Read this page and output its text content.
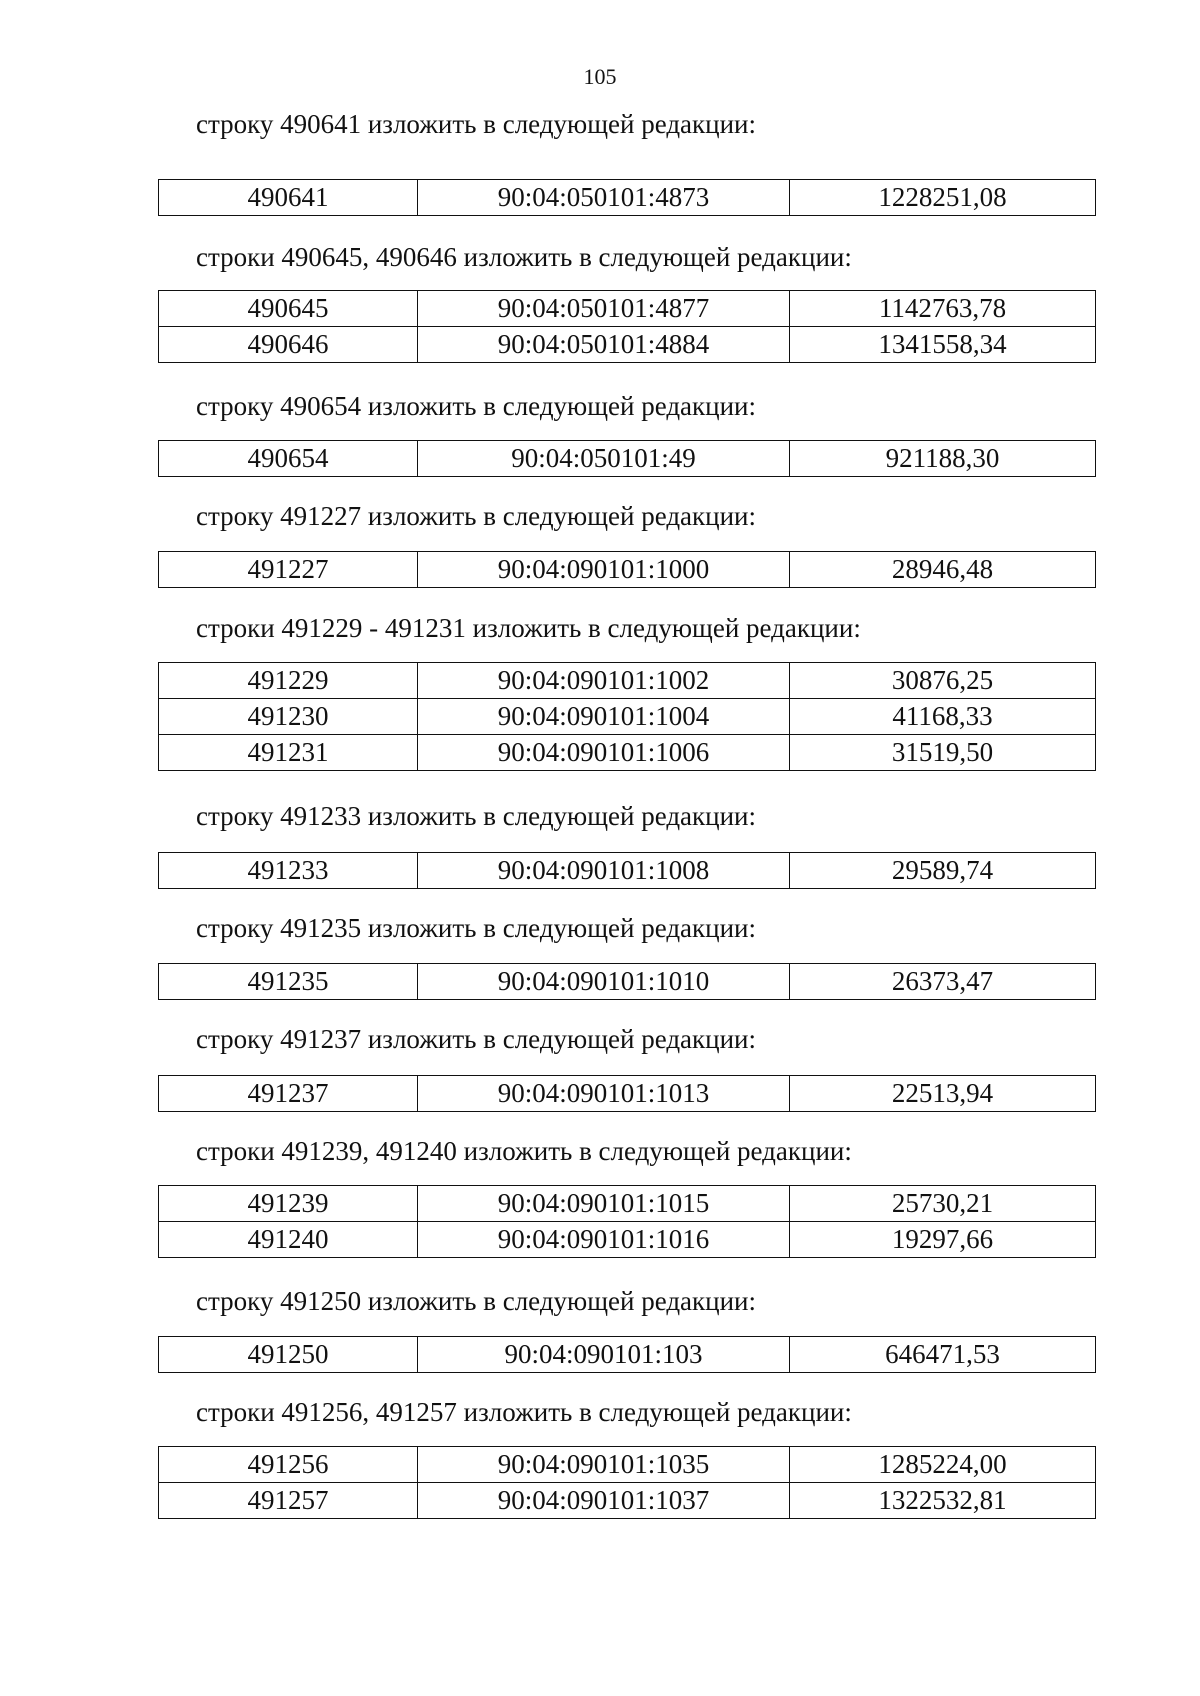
105
строку 490641 изложить в следующей редакции:
490641	90:04:050101:4873	1228251,08
строки 490645, 490646 изложить в следующей редакции:
490645	90:04:050101:4877	1142763,78
490646	90:04:050101:4884	1341558,34
строку 490654 изложить в следующей редакции:
490654	90:04:050101:49	921188,30
строку 491227 изложить в следующей редакции:
491227	90:04:090101:1000	28946,48
строки 491229 - 491231 изложить в следующей редакции:
491229	90:04:090101:1002	30876,25
491230	90:04:090101:1004	41168,33
491231	90:04:090101:1006	31519,50
строку 491233 изложить в следующей редакции:
491233	90:04:090101:1008	29589,74
строку 491235 изложить в следующей редакции:
491235	90:04:090101:1010	26373,47
строку 491237 изложить в следующей редакции:
491237	90:04:090101:1013	22513,94
строки 491239, 491240 изложить в следующей редакции:
491239	90:04:090101:1015	25730,21
491240	90:04:090101:1016	19297,66
строку 491250 изложить в следующей редакции:
491250	90:04:090101:103	646471,53
строки 491256, 491257 изложить в следующей редакции:
491256	90:04:090101:1035	1285224,00
491257	90:04:090101:1037	1322532,81
